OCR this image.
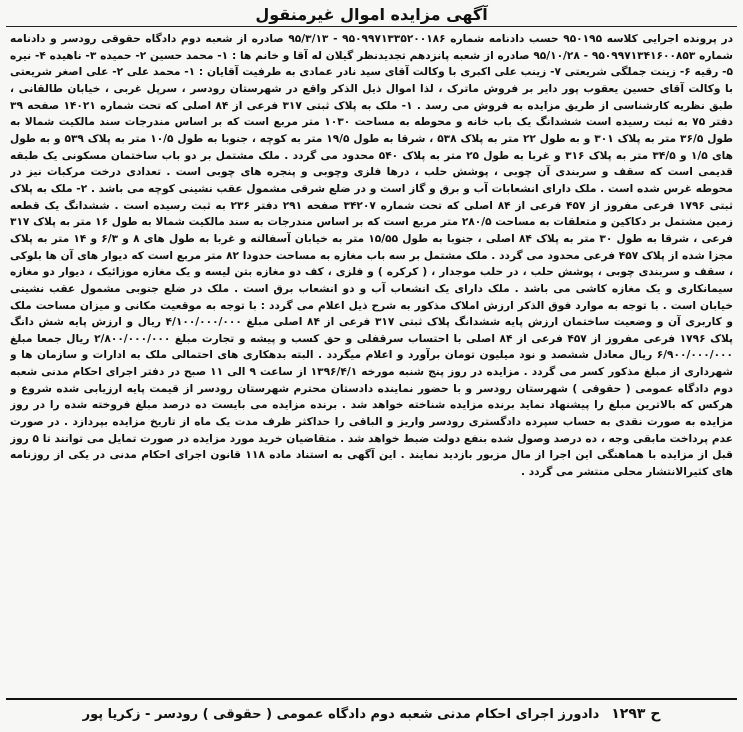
آگهی مزایده اموال غیرمنقول

در پرونده اجرایی کلاسه ۹۵۰۱۹۵ حسب دادنامه شماره ۹۵۰۹۹۷۱۳۳۵۲۰۰۱۸۶ - ۹۵/۳/۱۳ صادره از شعبه دوم دادگاه حقوقی رودسر و دادنامه شماره ۹۵۰۹۹۷۱۳۴۱۶۰۰۸۵۳ - ۹۵/۱۰/۲۸ صادره از شعبه پانزدهم تجدیدنظر گیلان له آقا و خانم ها : ۱- محمد حسین ۲- حمیده ۳- ناهیده ۴- نیره ۵- رقیه ۶- زینت جملگی شریعتی ۷- زینب علی اکبری با وکالت آقای سید نادر عمادی به طرفیت آقایان : ۱- محمد علی ۲- علی اصغر شریعتی با وکالت آقای حسین یعقوب پور دایر بر فروش ماترک ، لذا اموال ذیل الذکر واقع در شهرستان رودسر ، سرپل غربی ، خیابان طالقانی ، طبق نظریه کارشناسی از طریق مزایده به فروش می رسد . ۱- ملک به پلاک ثبتی ۳۱۷ فرعی از ۸۴ اصلی که تحت شماره ۱۴۰۲۱ صفحه ۳۹ دفتر ۷۵ به ثبت رسیده است ششدانگ یک باب خانه و محوطه به مساحت ۱۰۳۰ متر مربع است که بر اساس مندرجات سند مالکیت شمالا به طول ۳۶/۵ متر به پلاک ۳۰۱ و به طول ۲۲ متر به پلاک ۵۳۸ ، شرقا به طول ۱۹/۵ متر به کوچه ، جنوبا به طول ۱۰/۵ متر به پلاک ۵۳۹ و به طول های ۱/۵ و ۳۴/۵ متر به پلاک ۳۱۶ و غربا به طول ۲۵ متر به پلاک ۵۴۰ محدود می گردد . ملک مشتمل بر دو باب ساختمان مسکونی یک طبقه قدیمی است که سقف و سربندی آن چوبی ، پوشش حلب ، درها فلزی وچوبی و پنجره های چوبی است . تعدادی درخت مرکبات نیز در محوطه غرس شده است . ملک دارای انشعابات آب و برق و گاز است و در ضلع شرقی مشمول عقب نشینی کوچه می باشد . ۲- ملک به پلاک ثبتی ۱۷۹۶ فرعی مفروز از ۴۵۷ فرعی از ۸۴ اصلی که تحت شماره ۳۴۲۰۷ صفحه ۲۹۱ دفتر ۲۳۶ به ثبت رسیده است . ششدانگ یک قطعه زمین مشتمل بر دکاکین و متعلقات به مساحت ۲۸۰/۵ متر مربع است که بر اساس مندرجات به سند مالکیت شمالا به طول ۱۶ متر به پلاک ۳۱۷ فرعی ، شرقا به طول ۳۰ متر به پلاک ۸۴ اصلی ، جنوبا به طول ۱۵/۵۵ متر به خیابان آسفالته و غربا به طول های ۸ و ۶/۳ و ۱۴ متر به پلاک مجزا شده از پلاک ۴۵۷ فرعی محدود می گردد . ملک مشتمل بر سه باب مغازه به مساحت حدودا ۸۲ متر مربع است که دیوار های آن ها بلوکی ، سقف و سربندی چوبی ، پوشش حلب ، در حلب موجدار ، ( کرکره ) و فلزی ، کف دو مغازه بتن لیسه و یک مغازه موزائیک ، دیوار دو مغازه سیمانکاری و یک مغازه کاشی می باشد . ملک دارای یک انشعاب آب و دو انشعاب برق است . ملک در ضلع جنوبی مشمول عقب نشینی خیابان است . با توجه به موارد فوق الذکر ارزش املاک مذکور به شرح ذیل اعلام می گردد : با توجه به موقعیت مکانی و میزان مساحت ملک و کاربری آن و وضعیت ساختمان ارزش پایه ششدانگ پلاک ثبتی ۳۱۷ فرعی از ۸۴ اصلی مبلغ ۴/۱۰۰/۰۰۰/۰۰۰ ریال و ارزش پایه شش دانگ پلاک ۱۷۹۶ فرعی مفروز از ۴۵۷ فرعی از ۸۴ اصلی با احتساب سرقفلی و حق کسب و پیشه و تجارت مبلغ ۲/۸۰۰/۰۰۰/۰۰۰ ریال جمعا مبلغ ۶/۹۰۰/۰۰۰/۰۰۰ ریال معادل ششصد و نود میلیون تومان برآورد و اعلام میگردد . البته بدهکاری های احتمالی ملک به ادارات و سازمان ها و شهرداری از مبلغ مذکور کسر می گردد . مزایده در روز پنج شنبه مورخه ۱۳۹۶/۴/۱ از ساعت ۹ الی ۱۱ صبح در دفتر اجرای احکام مدنی شعبه دوم دادگاه عمومی ( حقوقی ) شهرستان رودسر و با حضور نماینده دادستان محترم شهرستان رودسر از قیمت پایه ارزیابی شده شروع و هرکس که بالاترین مبلغ را پیشنهاد نماید برنده مزایده شناخته خواهد شد . برنده مزایده می بایست ده درصد مبلغ فروخته شده را در روز مزایده به صورت نقدی به حساب سپرده دادگستری رودسر واریز و الباقی را حداکثر ظرف مدت یک ماه از تاریخ مزایده بپردازد . در صورت عدم پرداخت مابقی وجه ، ده درصد وصول شده بنفع دولت ضبط خواهد شد . متقاضیان خرید مورد مزایده در صورت تمایل می توانند تا ۵ روز قبل از مزایده با هماهنگی این اجرا از مال مزبور بازدید نمایند . این آگهی به استناد ماده ۱۱۸ قانون اجرای احکام مدنی در یکی از روزنامه های کثیرالانتشار محلی منتشر می گردد .

ح ۱۲۹۳
دادورز اجرای احکام مدنی شعبه دوم دادگاه عمومی ( حقوقی ) رودسر - زکریا پور
